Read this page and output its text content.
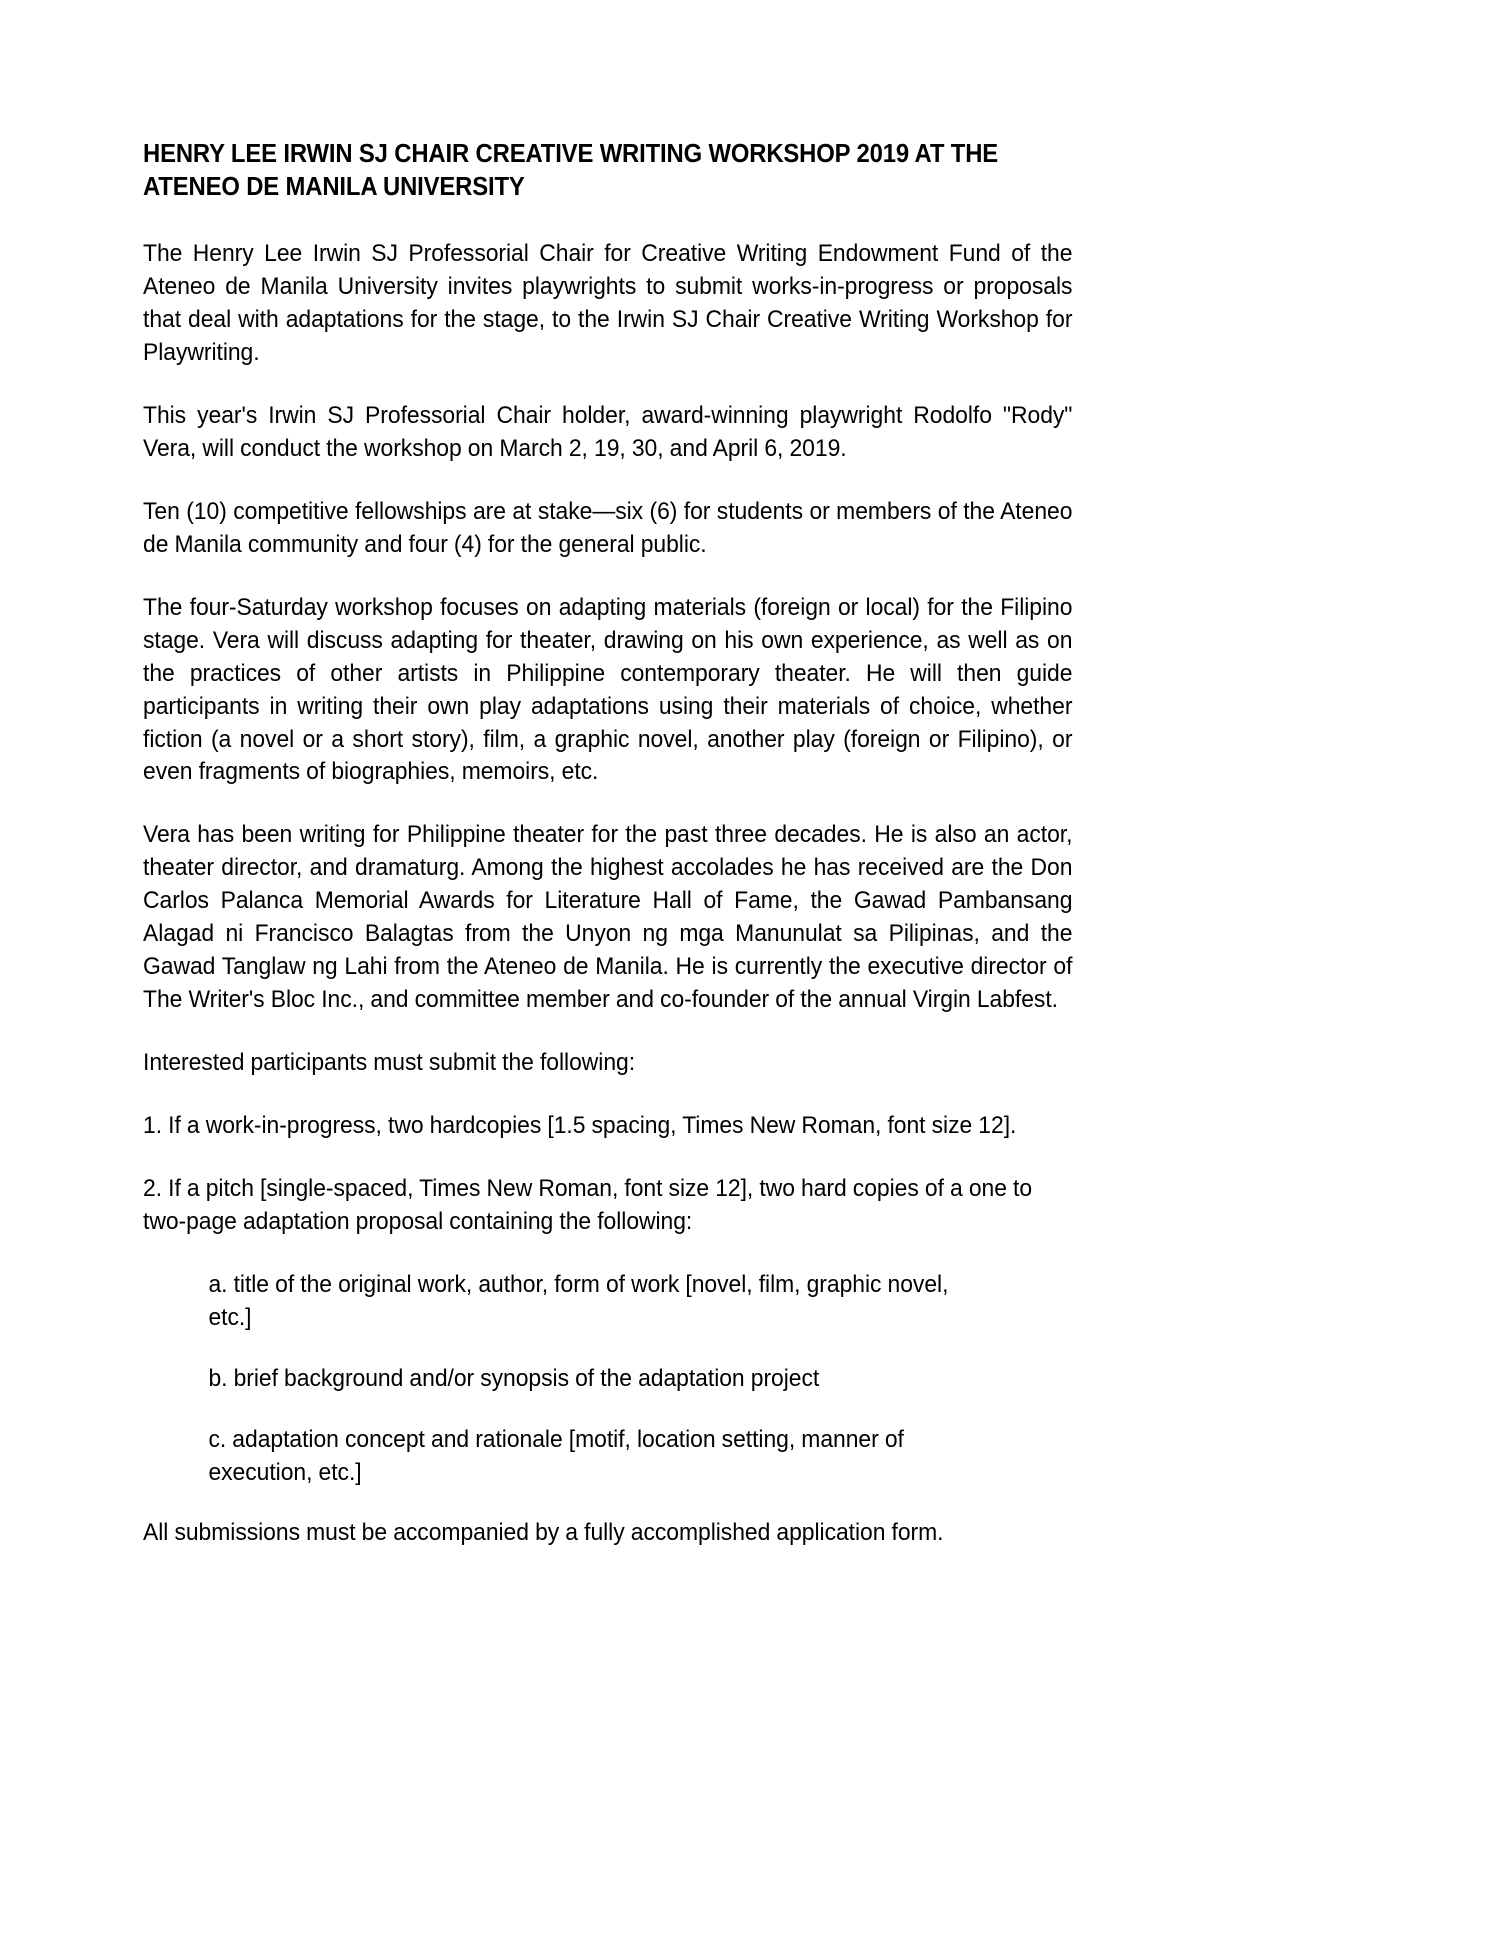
HENRY LEE IRWIN SJ CHAIR CREATIVE WRITING WORKSHOP 2019 AT THE ATENEO DE MANILA UNIVERSITY

The Henry Lee Irwin SJ Professorial Chair for Creative Writing Endowment Fund of the Ateneo de Manila University invites playwrights to submit works-in-progress or proposals that deal with adaptations for the stage, to the Irwin SJ Chair Creative Writing Workshop for Playwriting.

This year's Irwin SJ Professorial Chair holder, award-winning playwright Rodolfo "Rody" Vera, will conduct the workshop on March 2, 19, 30, and April 6, 2019.

Ten (10) competitive fellowships are at stake—six (6) for students or members of the Ateneo de Manila community and four (4) for the general public.

The four-Saturday workshop focuses on adapting materials (foreign or local) for the Filipino stage. Vera will discuss adapting for theater, drawing on his own experience, as well as on the practices of other artists in Philippine contemporary theater. He will then guide participants in writing their own play adaptations using their materials of choice, whether fiction (a novel or a short story), film, a graphic novel, another play (foreign or Filipino), or even fragments of biographies, memoirs, etc.

Vera has been writing for Philippine theater for the past three decades. He is also an actor, theater director, and dramaturg. Among the highest accolades he has received are the Don Carlos Palanca Memorial Awards for Literature Hall of Fame, the Gawad Pambansang Alagad ni Francisco Balagtas from the Unyon ng mga Manunulat sa Pilipinas, and the Gawad Tanglaw ng Lahi from the Ateneo de Manila. He is currently the executive director of The Writer's Bloc Inc., and committee member and co-founder of the annual Virgin Labfest.

Interested participants must submit the following:

1. If a work-in-progress, two hardcopies [1.5 spacing, Times New Roman, font size 12].

2. If a pitch [single-spaced, Times New Roman, font size 12], two hard copies of a one to two-page adaptation proposal containing the following:

a. title of the original work, author, form of work [novel, film, graphic novel, etc.]

b. brief background and/or synopsis of the adaptation project

c. adaptation concept and rationale [motif, location setting, manner of execution, etc.]

All submissions must be accompanied by a fully accomplished application form.
